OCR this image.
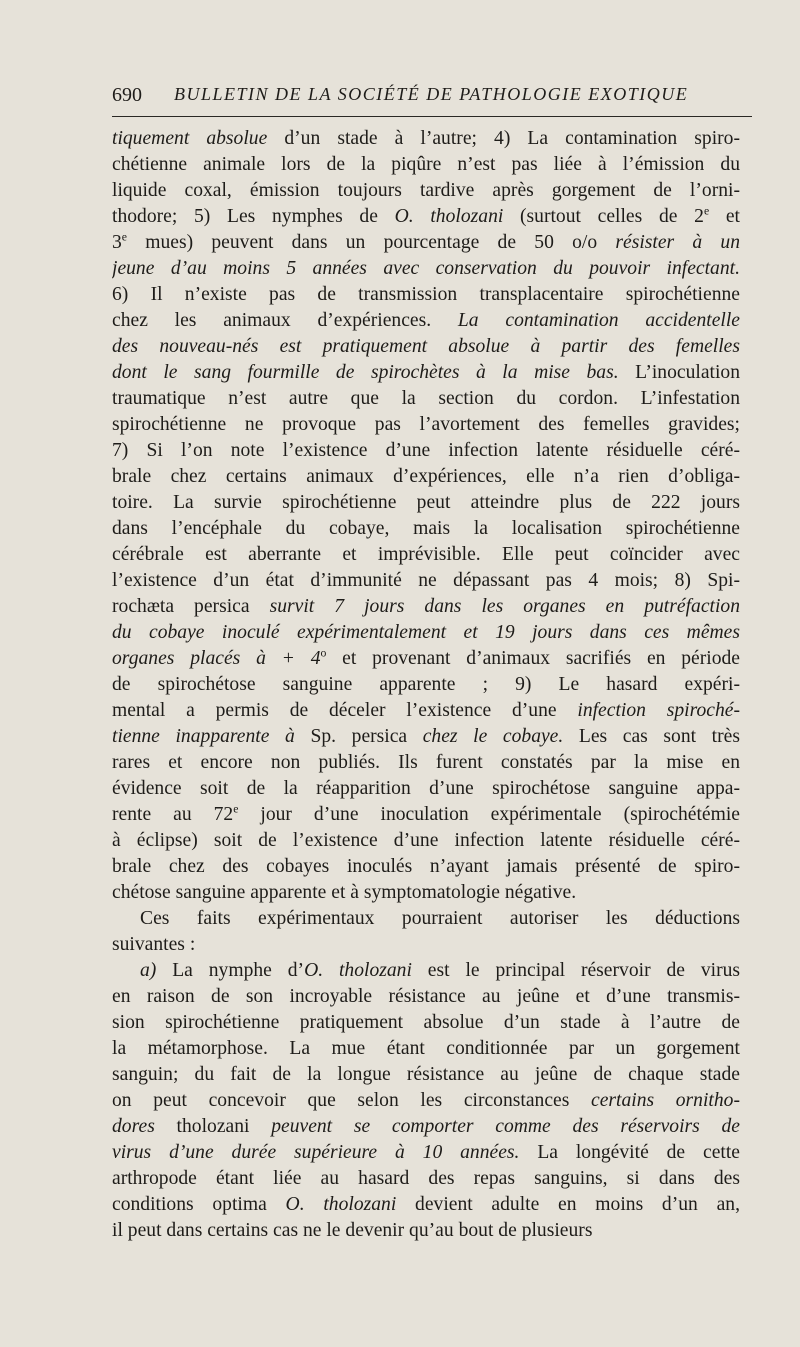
690 BULLETIN DE LA SOCIÉTÉ DE PATHOLOGIE EXOTIQUE
tiquement absolue d’un stade à l’autre; 4) La contamination spiro-
chétienne animale lors de la piqûre n’est pas liée à l’émission du
liquide coxal, émission toujours tardive après gorgement de l’orni-
thodore; 5) Les nymphes de O. tholozani (surtout celles de 2e et
3e mues) peuvent dans un pourcentage de 50 o/o résister à un
jeune d’au moins 5 années avec conservation du pouvoir infectant.
6) Il n’existe pas de transmission transplacentaire spirochétienne
chez les animaux d’expériences. La contamination accidentelle
des nouveau-nés est pratiquement absolue à partir des femelles
dont le sang fourmille de spirochètes à la mise bas. L’inoculation
traumatique n’est autre que la section du cordon. L’infestation
spirochétienne ne provoque pas l’avortement des femelles gravides;
7) Si l’on note l’existence d’une infection latente résiduelle céré-
brale chez certains animaux d’expériences, elle n’a rien d’obliga-
toire. La survie spirochétienne peut atteindre plus de 222 jours
dans l’encéphale du cobaye, mais la localisation spirochétienne
cérébrale est aberrante et imprévisible. Elle peut coïncider avec
l’existence d’un état d’immunité ne dépassant pas 4 mois; 8) Spi-
rochæta persica survit 7 jours dans les organes en putréfaction
du cobaye inoculé expérimentalement et 19 jours dans ces mêmes
organes placés à + $4^o$ et provenant d’animaux sacrifiés en période
de spirochétose sanguine apparente ; 9) Le hasard expéri-
mental a permis de déceler l’existence d’une infection spiroché-
tienne inapparente à Sp. persica chez le cobaye. Les cas sont très
rares et encore non publiés. Ils furent constatés par la mise en
évidence soit de la réapparition d’une spirochétose sanguine appa-
rente au 72e jour d’une inoculation expérimentale (spirochétémie
à éclipse) soit de l’existence d’une infection latente résiduelle céré-
brale chez des cobayes inoculés n’ayant jamais présenté de spiro-
chétose sanguine apparente et à symptomatologie négative.
Ces faits expérimentaux pourraient autoriser les déductions
suivantes :
a) La nymphe d’O. tholozani est le principal réservoir de virus
en raison de son incroyable résistance au jeûne et d’une transmis-
sion spirochétienne pratiquement absolue d’un stade à l’autre de
la métamorphose. La mue étant conditionnée par un gorgement
sanguin; du fait de la longue résistance au jeûne de chaque stade
on peut concevoir que selon les circonstances certains ornitho-
dores tholozani peuvent se comporter comme des réservoirs de
virus d’une durée supérieure à 10 années. La longévité de cette
arthropode étant liée au hasard des repas sanguins, si dans des
conditions optima O. tholozani devient adulte en moins d’un an,
il peut dans certains cas ne le devenir qu’au bout de plusieurs
